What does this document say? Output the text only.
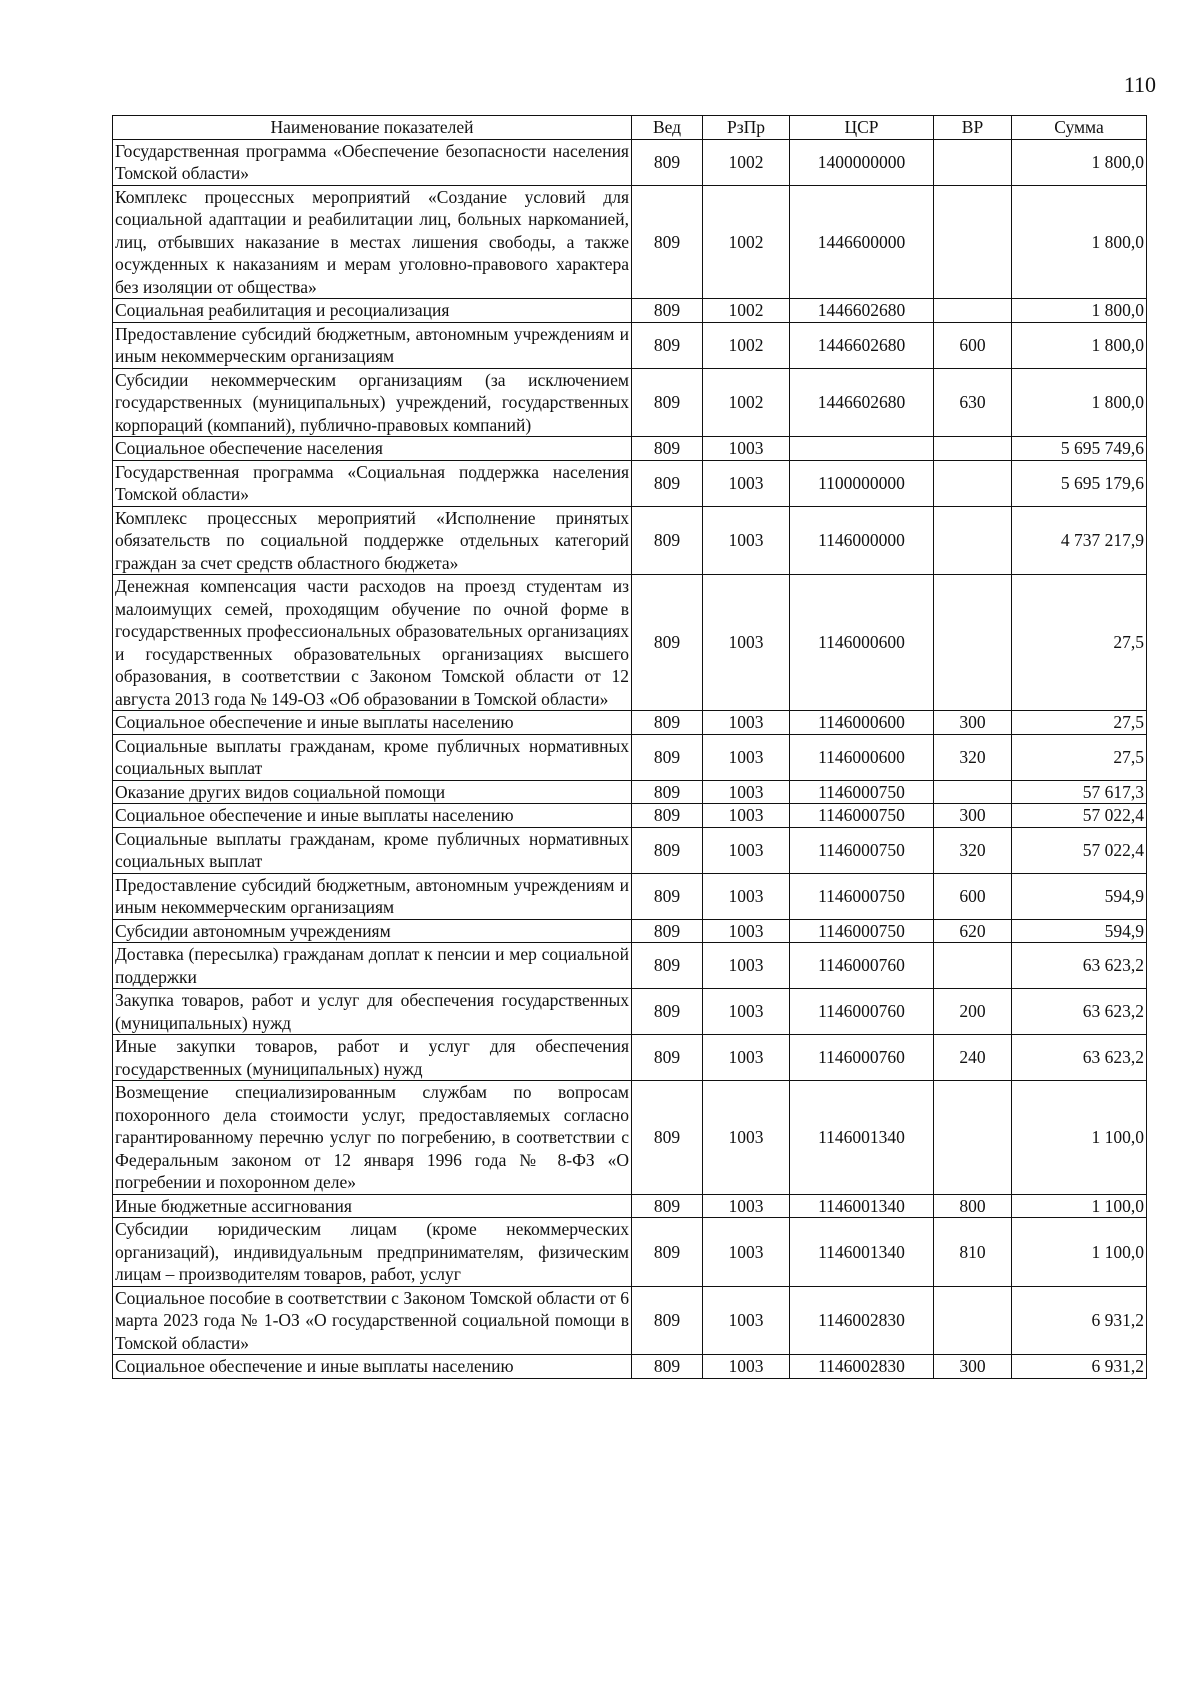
110
Наименование показателей	Вед	РзПр	ЦСР	ВР	Сумма
Государственная программа «Обеспечение безопасности населения Томской области»	809	1002	1400000000		1 800,0
Комплекс процессных мероприятий «Создание условий для социальной адаптации и реабилитации лиц, больных наркоманией, лиц, отбывших наказание в местах лишения свободы, а также осужденных к наказаниям и мерам уголовно-правового характера без изоляции от общества»	809	1002	1446600000		1 800,0
Социальная реабилитация и ресоциализация	809	1002	1446602680		1 800,0
Предоставление субсидий бюджетным, автономным учреждениям и иным некоммерческим организациям	809	1002	1446602680	600	1 800,0
Субсидии некоммерческим организациям (за исключением государственных (муниципальных) учреждений, государственных корпораций (компаний), публично-правовых компаний)	809	1002	1446602680	630	1 800,0
Социальное обеспечение населения	809	1003			5 695 749,6
Государственная программа «Социальная поддержка населения Томской области»	809	1003	1100000000		5 695 179,6
Комплекс процессных мероприятий «Исполнение принятых обязательств по социальной поддержке отдельных категорий граждан за счет средств областного бюджета»	809	1003	1146000000		4 737 217,9
Денежная компенсация части расходов на проезд студентам из малоимущих семей, проходящим обучение по очной форме в государственных профессиональных образовательных организациях и государственных образовательных организациях высшего образования, в соответствии с Законом Томской области от 12 августа 2013 года № 149-ОЗ «Об образовании в Томской области»	809	1003	1146000600		27,5
Социальное обеспечение и иные выплаты населению	809	1003	1146000600	300	27,5
Социальные выплаты гражданам, кроме публичных нормативных социальных выплат	809	1003	1146000600	320	27,5
Оказание других видов социальной помощи	809	1003	1146000750		57 617,3
Социальное обеспечение и иные выплаты населению	809	1003	1146000750	300	57 022,4
Социальные выплаты гражданам, кроме публичных нормативных социальных выплат	809	1003	1146000750	320	57 022,4
Предоставление субсидий бюджетным, автономным учреждениям и иным некоммерческим организациям	809	1003	1146000750	600	594,9
Субсидии автономным учреждениям	809	1003	1146000750	620	594,9
Доставка (пересылка) гражданам доплат к пенсии и мер социальной поддержки	809	1003	1146000760		63 623,2
Закупка товаров, работ и услуг для обеспечения государственных (муниципальных) нужд	809	1003	1146000760	200	63 623,2
Иные закупки товаров, работ и услуг для обеспечения государственных (муниципальных) нужд	809	1003	1146000760	240	63 623,2
Возмещение специализированным службам по вопросам похоронного дела стоимости услуг, предоставляемых согласно гарантированному перечню услуг по погребению, в соответствии с Федеральным законом от 12 января 1996 года № 8-ФЗ «О погребении и похоронном деле»	809	1003	1146001340		1 100,0
Иные бюджетные ассигнования	809	1003	1146001340	800	1 100,0
Субсидии юридическим лицам (кроме некоммерческих организаций), индивидуальным предпринимателям, физическим лицам – производителям товаров, работ, услуг	809	1003	1146001340	810	1 100,0
Социальное пособие в соответствии с Законом Томской области от 6 марта 2023 года № 1-ОЗ «О государственной социальной помощи в Томской области»	809	1003	1146002830		6 931,2
Социальное обеспечение и иные выплаты населению	809	1003	1146002830	300	6 931,2
